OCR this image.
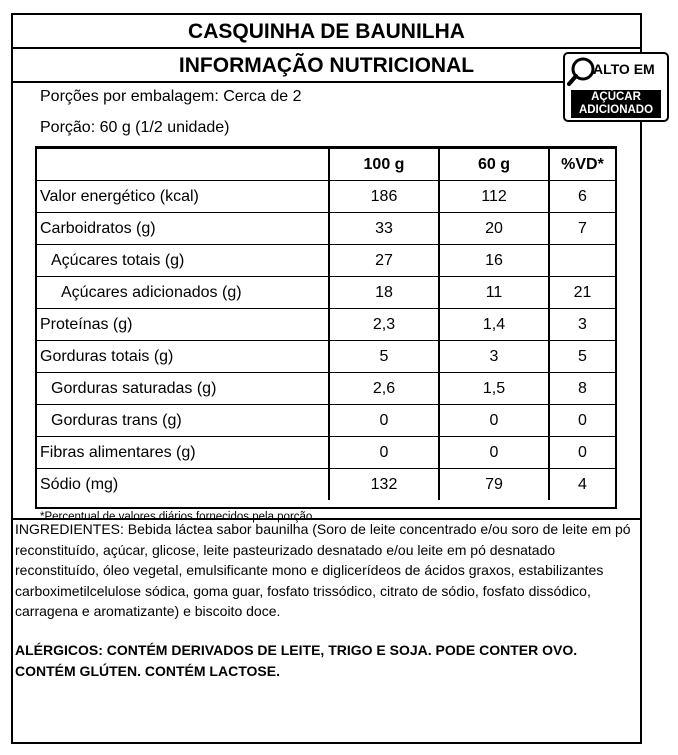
CASQUINHA DE BAUNILHA
INFORMAÇÃO NUTRICIONAL
Porções por embalagem: Cerca de 2
Porção: 60 g (1/2 unidade)
	100 g	60 g	%VD*
Valor energético (kcal)	186	112	6
Carboidratos (g)	33	20	7
Açúcares totais (g)	27	16	
Açúcares adicionados (g)	18	11	21
Proteínas (g)	2,3	1,4	3
Gorduras totais (g)	5	3	5
Gorduras saturadas (g)	2,6	1,5	8
Gorduras trans (g)	0	0	0
Fibras alimentares (g)	0	0	0
Sódio (mg)	132	79	4
*Percentual de valores diários fornecidos pela porção
INGREDIENTES: Bebida láctea sabor baunilha (Soro de leite concentrado e/ou soro de leite em pó reconstituído, açúcar, glicose, leite pasteurizado desnatado e/ou leite em pó desnatado reconstituído, óleo vegetal, emulsificante mono e diglicerídeos de ácidos graxos, estabilizantes carboximetilcelulose sódica, goma guar, fosfato trissódico, citrato de sódio, fosfato dissódico, carragena e aromatizante) e biscoito doce.
ALÉRGICOS: CONTÉM DERIVADOS DE LEITE, TRIGO E SOJA. PODE CONTER OVO. CONTÉM GLÚTEN. CONTÉM LACTOSE.
ALTO EM
AÇÚCAR
ADICIONADO
